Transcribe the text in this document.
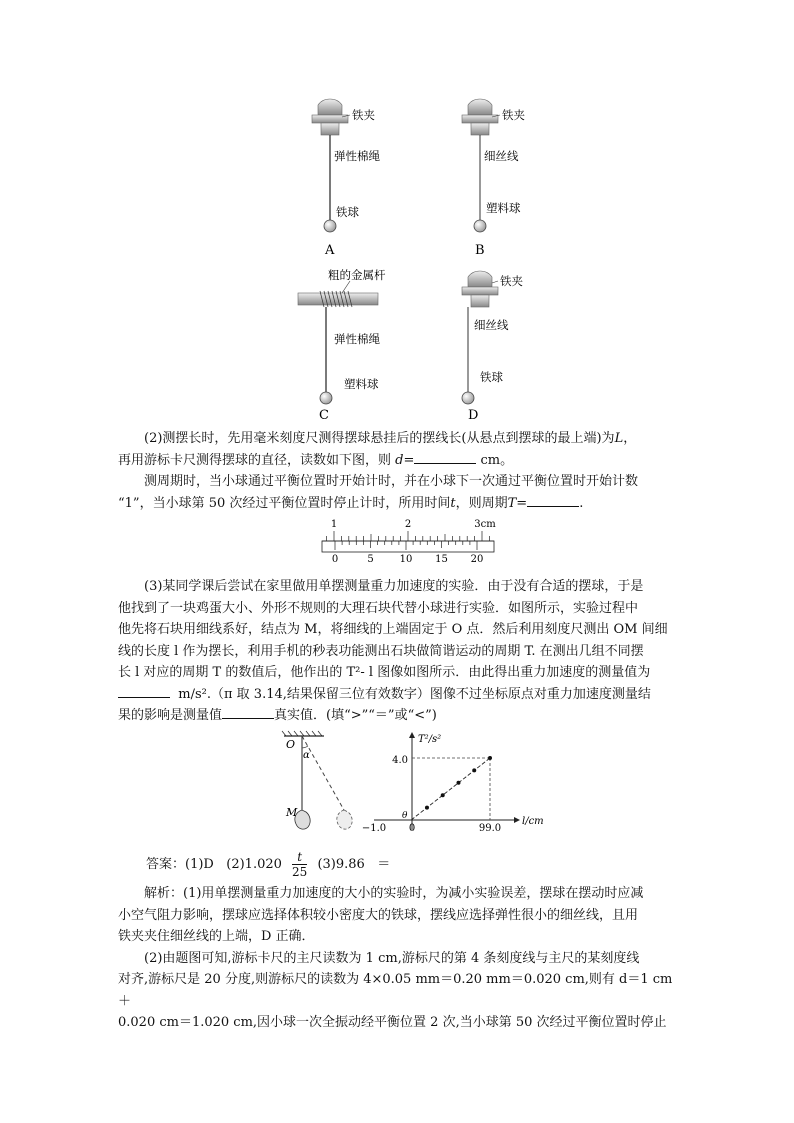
铁夹
弹性棉绳
铁球
A
铁夹
细丝线
塑料球
B
粗的金属杆
弹性棉绳
塑料球
C
铁夹
细丝线
铁球
D

(2)测摆长时，先用毫米刻度尺测得摆球悬挂后的摆线长(从悬点到摆球的最上端)为L，

再用游标卡尺测得摆球的直径，读数如下图，则 d=	cm。

测周期时，当小球通过平衡位置时开始计时，并在小球下一次通过平衡位置时开始计数

“1”，当小球第 50 次经过平衡位置时停止计时，所用时间t，则周期T=	.

1	2	3cm
0	5	10 15 20

(3)某同学课后尝试在家里做用单摆测量重力加速度的实验．由于没有合适的摆球，于是

他找到了一块鸡蛋大小、外形不规则的大理石块代替小球进行实验．如图所示，实验过程中

他先将石块用细线系好，结点为 M，将细线的上端固定于 O 点．然后利用刻度尺测出 OM 间细

线的长度 l 作为摆长，利用手机的秒表功能测出石块做简谐运动的周期 T. 在测出几组不同摆

长 l 对应的周期 T 的数值后，他作出的 T²- l 图像如图所示．由此得出重力加速度的测量值为

m/s².（π 取 3.14,结果保留三位有效数字）图像不过坐标原点对重力加速度测量结

果的影响是测量值	真实值．(填“>”“＝”或“<”)

O
α
M
T²/s²
l/cm
4.0
−1.0 0	99.0
θ

答案：(1)D $(2)1.020 \frac{t}{25} (3)9.86$ ＝

解析：(1)用单摆测量重力加速度的大小的实验时，为减小实验误差，摆球在摆动时应减

小空气阻力影响，摆球应选择体积较小密度大的铁球，摆线应选择弹性很小的细丝线，且用

铁夹夹住细丝线的上端，D 正确．

(2)由题图可知,游标卡尺的主尺读数为 1 cm,游标尺的第 4 条刻度线与主尺的某刻度线

对齐,游标尺是 20 分度,则游标尺的读数为 4×0.05 mm＝0.20 mm＝0.020 cm,则有 d＝1 cm＋

0.020 cm＝1.020 cm,因小球一次全振动经平衡位置 2 次,当小球第 50 次经过平衡位置时停止
